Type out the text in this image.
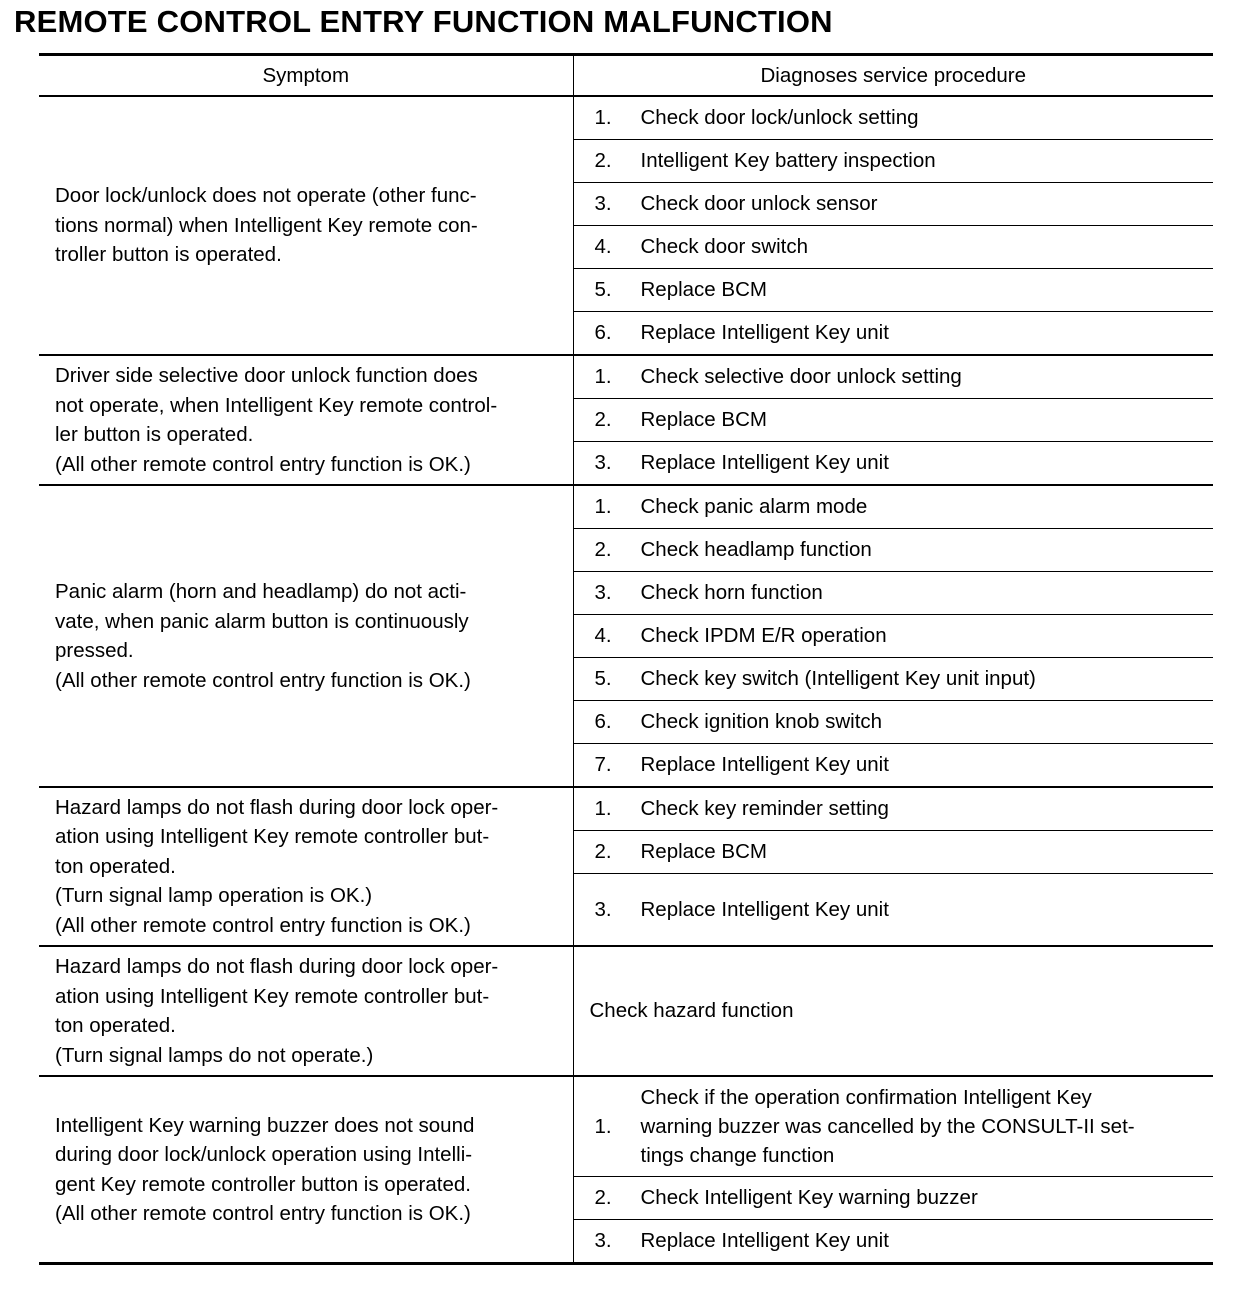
REMOTE CONTROL ENTRY FUNCTION MALFUNCTION
Symptom	Diagnoses service procedure

Door lock/unlock does not operate (other func-
tions normal) when Intelligent Key remote con-
troller button is operated.	1. Check door lock/unlock setting
	2. Intelligent Key battery inspection
	3. Check door unlock sensor
	4. Check door switch
	5. Replace BCM
	6. Replace Intelligent Key unit

Driver side selective door unlock function does
not operate, when Intelligent Key remote control-
ler button is operated.
(All other remote control entry function is OK.)	1. Check selective door unlock setting
	2. Replace BCM
	3. Replace Intelligent Key unit

Panic alarm (horn and headlamp) do not acti-
vate, when panic alarm button is continuously
pressed.
(All other remote control entry function is OK.)	1. Check panic alarm mode
	2. Check headlamp function
	3. Check horn function
	4. Check IPDM E/R operation
	5. Check key switch (Intelligent Key unit input)
	6. Check ignition knob switch
	7. Replace Intelligent Key unit

Hazard lamps do not flash during door lock oper-
ation using Intelligent Key remote controller but-
ton operated.
(Turn signal lamp operation is OK.)
(All other remote control entry function is OK.)	1. Check key reminder setting
	2. Replace BCM
	3. Replace Intelligent Key unit

Hazard lamps do not flash during door lock oper-
ation using Intelligent Key remote controller but-
ton operated.
(Turn signal lamps do not operate.)	Check hazard function

Intelligent Key warning buzzer does not sound
during door lock/unlock operation using Intelli-
gent Key remote controller button is operated.
(All other remote control entry function is OK.)	1.
Check if the operation confirmation Intelligent Key
warning buzzer was cancelled by the CONSULT-II set-
tings change function

	2. Check Intelligent Key warning buzzer
	3. Replace Intelligent Key unit
